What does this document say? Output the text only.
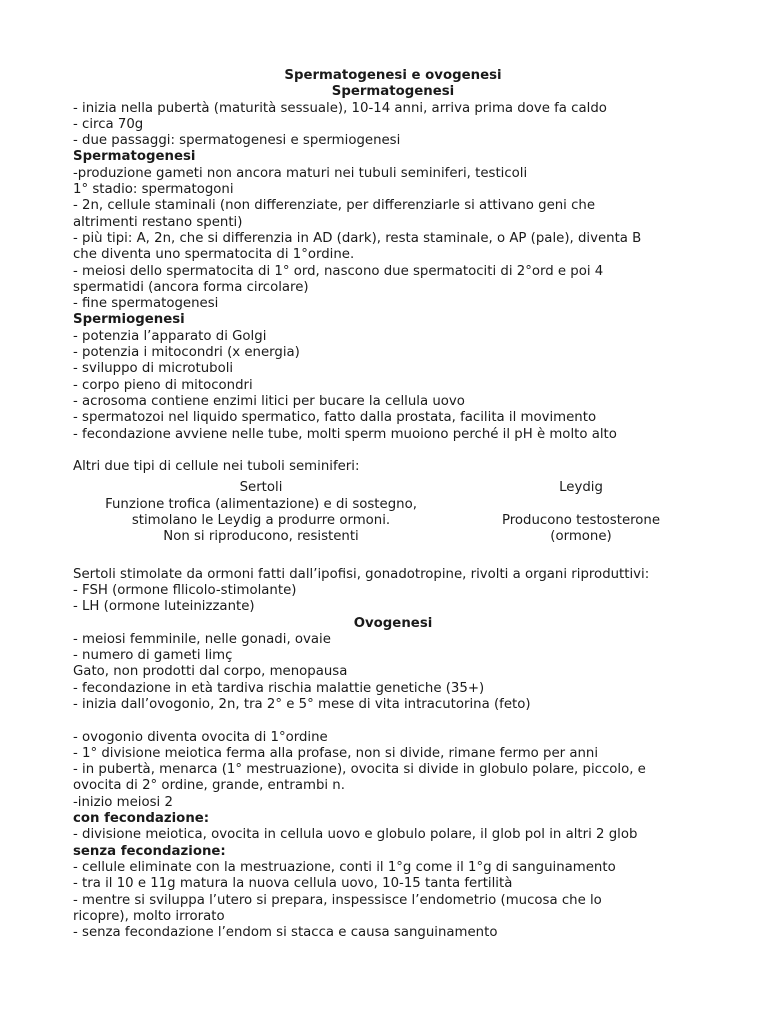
Spermatogenesi e ovogenesi
Spermatogenesi
- inizia nella pubertà (maturità sessuale), 10-14 anni, arriva prima dove fa caldo
- circa 70g
- due passaggi: spermatogenesi e spermiogenesi
Spermatogenesi
-produzione gameti non ancora maturi nei tubuli seminiferi, testicoli
1° stadio: spermatogoni
- 2n, cellule staminali (non differenziate, per differenziarle si attivano geni che
altrimenti restano spenti)
- più tipi: A, 2n, che si differenzia in AD (dark), resta staminale, o AP (pale), diventa B
che diventa uno spermatocita di 1°ordine.
- meiosi dello spermatocita di 1° ord, nascono due spermatociti di 2°ord e poi 4
spermatidi (ancora forma circolare)
- fine spermatogenesi
Spermiogenesi
- potenzia l’apparato di Golgi
- potenzia i mitocondri (x energia)
- sviluppo di microtuboli
- corpo pieno di mitocondri
- acrosoma contiene enzimi litici per bucare la cellula uovo
- spermatozoi nel liquido spermatico, fatto dalla prostata, facilita il movimento
- fecondazione avviene nelle tube, molti sperm muoiono perché il pH è molto alto
Altri due tipi di cellule nei tuboli seminiferi:
Sertoli
Funzione trofica (alimentazione) e di sostegno,
stimolano le Leydig a produrre ormoni.
Non si riproducono, resistenti
Leydig
Producono testosterone
(ormone)
Sertoli stimolate da ormoni fatti dall’ipofisi, gonadotropine, rivolti a organi riproduttivi:
- FSH (ormone fllicolo-stimolante)
- LH (ormone luteinizzante)
Ovogenesi
- meiosi femminile, nelle gonadi, ovaie
- numero di gameti limç
Gato, non prodotti dal corpo, menopausa
- fecondazione in età tardiva rischia malattie genetiche (35+)
- inizia dall’ovogonio, 2n, tra 2° e 5° mese di vita intracutorina (feto)
- ovogonio diventa ovocita di 1°ordine
- 1° divisione meiotica ferma alla profase, non si divide, rimane fermo per anni
- in pubertà, menarca (1° mestruazione), ovocita si divide in globulo polare, piccolo, e
ovocita di 2° ordine, grande, entrambi n.
-inizio meiosi 2
con fecondazione:
- divisione meiotica, ovocita in cellula uovo e globulo polare, il glob pol in altri 2 glob
senza fecondazione:
- cellule eliminate con la mestruazione, conti il 1°g come il 1°g di sanguinamento
- tra il 10 e 11g matura la nuova cellula uovo, 10-15 tanta fertilità
- mentre si sviluppa l’utero si prepara, inspessisce l’endometrio (mucosa che lo
ricopre), molto irrorato
- senza fecondazione l’endom si stacca e causa sanguinamento
